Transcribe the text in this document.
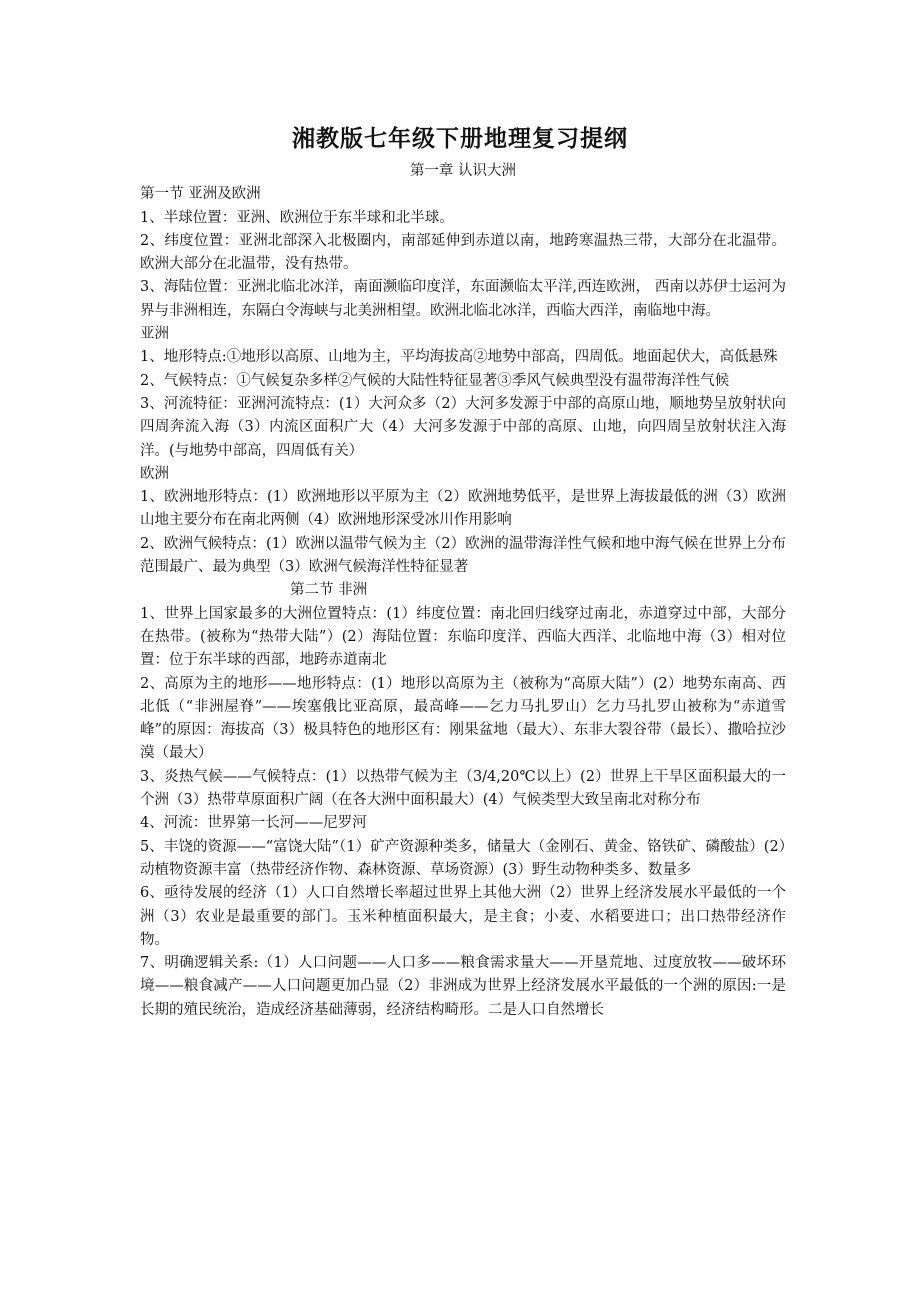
湘教版七年级下册地理复习提纲

第一章 认识大洲

第一节 亚洲及欧洲

1、半球位置：亚洲、欧洲位于东半球和北半球。

2、纬度位置：亚洲北部深入北极圈内，南部延伸到赤道以南，地跨寒温热三带，大部分在北温带。欧洲大部分在北温带，没有热带。

3、海陆位置：亚洲北临北冰洋，南面濒临印度洋，东面濒临太平洋,西连欧洲， 西南以苏伊士运河为界与非洲相连，东隔白令海峡与北美洲相望。欧洲北临北冰洋，西临大西洋，南临地中海。

亚洲

1、地形特点:①地形以高原、山地为主，平均海拔高②地势中部高，四周低。地面起伏大，高低悬殊

2、气候特点：①气候复杂多样②气候的大陆性特征显著③季风气候典型没有温带海洋性气候

3、河流特征：亚洲河流特点：(1）大河众多（2）大河多发源于中部的高原山地，顺地势呈放射状向四周奔流入海（3）内流区面积广大（4）大河多发源于中部的高原、山地，向四周呈放射状注入海洋。(与地势中部高，四周低有关）

欧洲

1、欧洲地形特点：(1）欧洲地形以平原为主（2）欧洲地势低平，是世界上海拔最低的洲（3）欧洲山地主要分布在南北两侧（4）欧洲地形深受冰川作用影响

2、欧洲气候特点：(1）欧洲以温带气候为主（2）欧洲的温带海洋性气候和地中海气候在世界上分布范围最广、最为典型（3）欧洲气候海洋性特征显著

第二节 非洲

1、世界上国家最多的大洲位置特点：(1）纬度位置：南北回归线穿过南北，赤道穿过中部，大部分在热带。(被称为“热带大陆”）(2）海陆位置：东临印度洋、西临大西洋、北临地中海（3）相对位置：位于东半球的西部，地跨赤道南北

2、高原为主的地形——地形特点：(1）地形以高原为主（被称为“高原大陆”）(2）地势东南高、西北低（“非洲屋脊”——埃塞俄比亚高原，最高峰——乞力马扎罗山）乞力马扎罗山被称为“赤道雪峰”的原因：海拔高（3）极具特色的地形区有：刚果盆地（最大）、东非大裂谷带（最长）、撒哈拉沙漠（最大）

3、炎热气候——气候特点：(1）以热带气候为主（3/4,20℃以上）(2）世界上干旱区面积最大的一个洲（3）热带草原面积广阔（在各大洲中面积最大）(4）气候类型大致呈南北对称分布

4、河流：世界第一长河——尼罗河

5、丰饶的资源——“富饶大陆”（1）矿产资源种类多，储量大（金刚石、黄金、铬铁矿、磷酸盐）(2）动植物资源丰富（热带经济作物、森林资源、草场资源）(3）野生动物种类多、数量多

6、亟待发展的经济（1）人口自然增长率超过世界上其他大洲（2）世界上经济发展水平最低的一个洲（3）农业是最重要的部门。玉米种植面积最大，是主食；小麦、水稻要进口；出口热带经济作物。

7、明确逻辑关系:（1）人口问题——人口多——粮食需求量大——开垦荒地、过度放牧——破坏环境——粮食减产——人口问题更加凸显（2）非洲成为世界上经济发展水平最低的一个洲的原因:一是长期的殖民统治，造成经济基础薄弱，经济结构畸形。二是人口自然增长
